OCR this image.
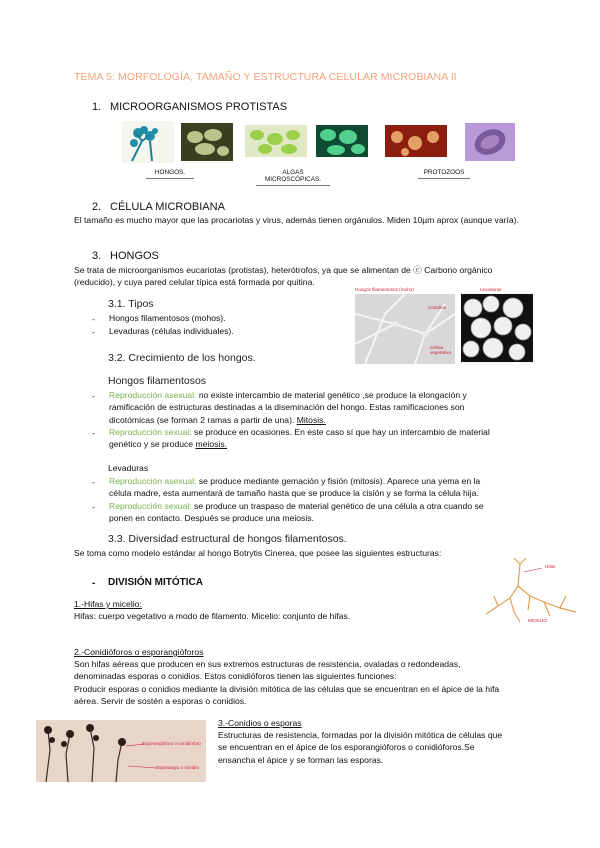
TEMA 5: MORFOLOGÍA, TAMAÑO Y ESTRUCTURA CELULAR MICROBIANA II
1. MICROORGANISMOS PROTISTAS
HONGOS.	ALGAS MICROSCÓPICAS.
PROTOZOOS
2. CÉLULA MICROBIANA
El tamaño es mucho mayor que las procariotas y virus, además tienen orgánulos. Miden 10µm aprox (aunque varía).
3. HONGOS
Se trata de microorganismos eucariotas (protistas), heterótrofos, ya que se alimentan de ⓒ Carbono orgánico (reducido), y cuya pared celular típica está formada por quitina.
Hongos filamentosos (moho)
Conidios
Célula vegetativa
Levaduras
3.1. Tipos
- Hongos filamentosos (mohos).
- Levaduras (células individuales).
3.2. Crecimiento de los hongos.
Hongos filamentosos
- Reproducción asexual: no existe intercambio de material genético ,se produce la elongación y
ramificación de estructuras destinadas a la diseminación del hongo. Estas ramificaciones son
dicotómicas (se forman 2 ramas a partir de una). Mitosis.
- Reproducción sexual: se produce en ocasiones. En este caso sí que hay un intercambio de material
genético y se produce meiosis.
Levaduras
- Reproducción asexual: se produce mediante gemación y fisión (mitosis). Aparece una yema en la
célula madre, esta aumentará de tamaño hasta que se produce la cisión y se forma la célula hija.
- Reproducción sexual: se produce un traspaso de material genético de una célula a otra cuando se
ponen en contacto. Después se produce una meiosis.
3.3. Diversidad estructural de hongos filamentosos.
Se toma como modelo estándar al hongo Botrytis Cinerea, que posee las siguientes estructuras:
- DIVISIÓN MITÓTICA
Hifas
MICELIO
1.-Hifas y micelio:
Hifas: cuerpo vegetativo a modo de filamento. Micelio: conjunto de hifas.
2.-Conidióforos o esporangióforos
Son hifas aéreas que producen en sus extremos estructuras de resistencia, ovaladas o redondeadas,
denominadas esporas o conidios. Estos conidióforos tienen las siguientes funciones:
Producir esporas o conidios mediante la división mitótica de las células que se encuentran en el ápice de la hifa
aérea. Servir de sostén a esporas o conidios.
Esporangióforo o conidióforo
Esporangio o conidio
3.-Conidios o esporas
Estructuras de resistencia, formadas por la división mitótica de células que
se encuentran en el ápice de los esporangióforos o conidióforos.Se
ensancha el ápice y se forman las esporas.
